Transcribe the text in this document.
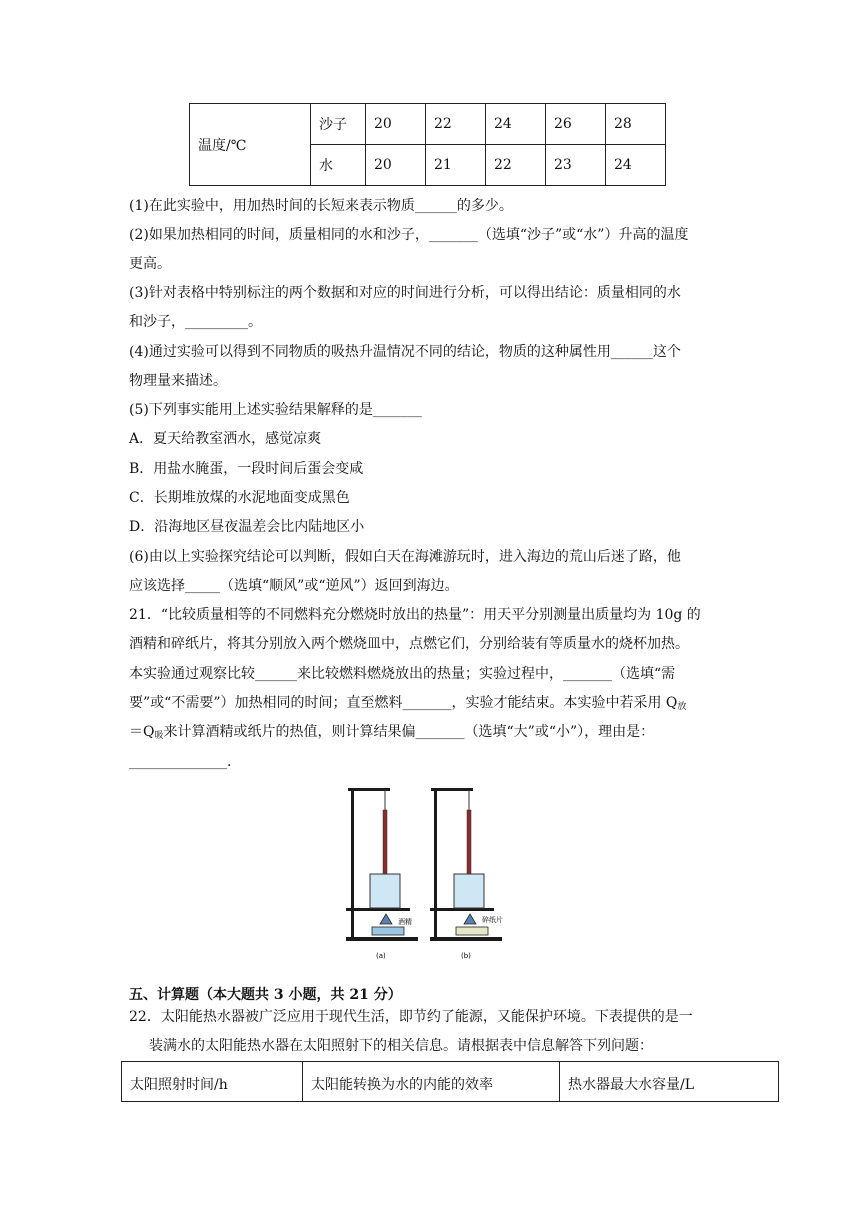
温度/℃	沙子	20	22	24	26	28
	水	20	21	22	23	24
(1)在此实验中，用加热时间的长短来表示物质______的多少。
(2)如果加热相同的时间，质量相同的水和沙子，_______（选填“沙子”或“水”）升高的温度
更高。
(3)针对表格中特别标注的两个数据和对应的时间进行分析，可以得出结论：质量相同的水
和沙子，_________。
(4)通过实验可以得到不同物质的吸热升温情况不同的结论，物质的这种属性用______这个
物理量来描述。
(5)下列事实能用上述实验结果解释的是_______
A．夏天给教室洒水，感觉凉爽
B．用盐水腌蛋，一段时间后蛋会变咸
C．长期堆放煤的水泥地面变成黑色
D．沿海地区昼夜温差会比内陆地区小
(6)由以上实验探究结论可以判断，假如白天在海滩游玩时，进入海边的荒山后迷了路，他
应该选择_____（选填“顺风”或“逆风”）返回到海边。
21．“比较质量相等的不同燃料充分燃烧时放出的热量”：用天平分别测量出质量均为 10g 的
酒精和碎纸片，将其分别放入两个燃烧皿中，点燃它们，分别给装有等质量水的烧杯加热。
本实验通过观察比较______来比较燃料燃烧放出的热量；实验过程中，_______（选填“需
要”或“不需要”）加热相同的时间；直至燃料_______，实验才能结束。本实验中若采用 $Q_放$
$=Q_吸$来计算酒精或纸片的热值，则计算结果偏_______（选填“大”或“小”），理由是：
______________.
酒精
(a)
碎纸片
(b)
五、计算题（本大题共 3 小题，共 21 分）
22．太阳能热水器被广泛应用于现代生活，即节约了能源，又能保护环境。下表提供的是一
装满水的太阳能热水器在太阳照射下的相关信息。请根据表中信息解答下列问题：
太阳照射时间/h	太阳能转换为水的内能的效率	热水器最大水容量/L
